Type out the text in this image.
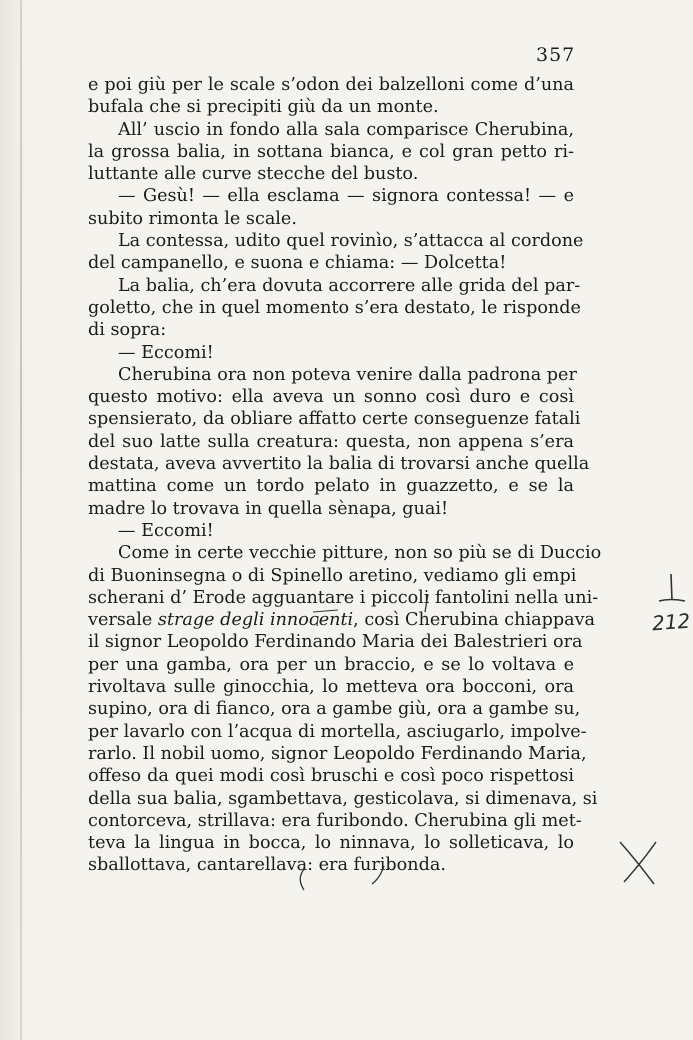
357
e poi giù per le scale s’odon dei balzelloni come d’una
bufala che si precipiti giù da un monte.
All’ uscio in fondo alla sala comparisce Cherubina,
la grossa balia, in sottana bianca, e col gran petto ri-
luttante alle curve stecche del busto.
— Gesù! — ella esclama — signora contessa! — e
subito rimonta le scale.
La contessa, udito quel rovinìo, s’attacca al cordone
del campanello, e suona e chiama: — Dolcetta!
La balia, ch’era dovuta accorrere alle grida del par-
goletto, che in quel momento s’era destato, le risponde
di sopra:
— Eccomi!
Cherubina ora non poteva venire dalla padrona per
questo motivo: ella aveva un sonno così duro e così
spensierato, da obliare affatto certe conseguenze fatali
del suo latte sulla creatura: questa, non appena s’era
destata, aveva avvertito la balia di trovarsi anche quella
mattina come un tordo pelato in guazzetto, e se la
madre lo trovava in quella sènapa, guai!
— Eccomi!
Come in certe vecchie pitture, non so più se di Duccio
di Buoninsegna o di Spinello aretino, vediamo gli empi
scherani d’ Erode agguantare i piccoli fantolini nella uni-
versale strage degli innocenti, così Cherubina chiappava
il signor Leopoldo Ferdinando Maria dei Balestrieri ora
per una gamba, ora per un braccio, e se lo voltava e
rivoltava sulle ginocchia, lo metteva ora bocconi, ora
supino, ora di fianco, ora a gambe giù, ora a gambe su,
per lavarlo con l’acqua di mortella, asciugarlo, impolve-
rarlo. Il nobil uomo, signor Leopoldo Ferdinando Maria,
offeso da quei modi così bruschi e così poco rispettosi
della sua balia, sgambettava, gesticolava, si dimenava, si
contorceva, strillava: era furibondo. Cherubina gli met-
teva la lingua in bocca, lo ninnava, lo solleticava, lo
sballottava, cantarellava: era furibonda.
212
